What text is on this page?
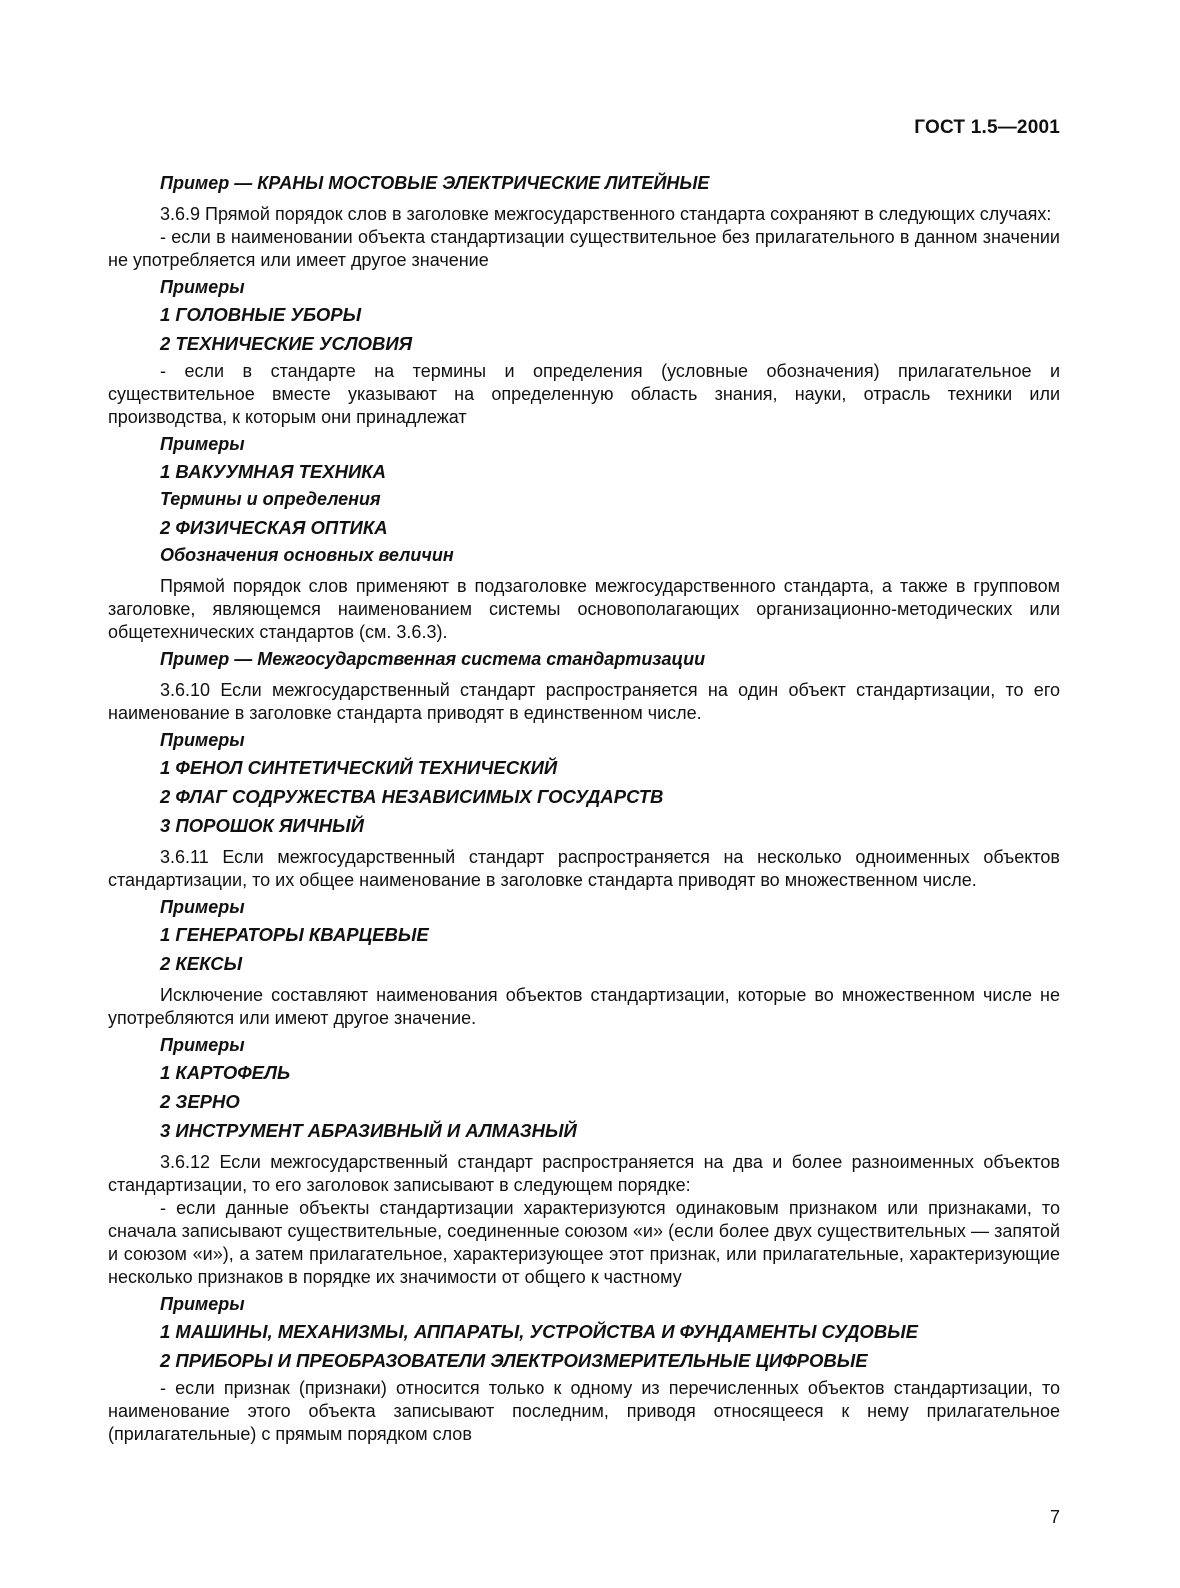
ГОСТ 1.5—2001

Пример — КРАНЫ МОСТОВЫЕ ЭЛЕКТРИЧЕСКИЕ ЛИТЕЙНЫЕ

3.6.9 Прямой порядок слов в заголовке межгосударственного стандарта сохраняют в следующих случаях:

- если в наименовании объекта стандартизации существительное без прилагательного в данном значении не употребляется или имеет другое значение

Примеры

1 ГОЛОВНЫЕ УБОРЫ

2 ТЕХНИЧЕСКИЕ УСЛОВИЯ

- если в стандарте на термины и определения (условные обозначения) прилагательное и существительное вместе указывают на определенную область знания, науки, отрасль техники или производства, к которым они принадлежат

Примеры

1 ВАКУУМНАЯ ТЕХНИКА

Термины и определения

2 ФИЗИЧЕСКАЯ ОПТИКА

Обозначения основных величин

Прямой порядок слов применяют в подзаголовке межгосударственного стандарта, а также в групповом заголовке, являющемся наименованием системы основополагающих организационно-методических или общетехнических стандартов (см. 3.6.3).

Пример — Межгосударственная система стандартизации

3.6.10 Если межгосударственный стандарт распространяется на один объект стандартизации, то его наименование в заголовке стандарта приводят в единственном числе.

Примеры

1 ФЕНОЛ СИНТЕТИЧЕСКИЙ ТЕХНИЧЕСКИЙ

2 ФЛАГ СОДРУЖЕСТВА НЕЗАВИСИМЫХ ГОСУДАРСТВ

3 ПОРОШОК ЯИЧНЫЙ

3.6.11 Если межгосударственный стандарт распространяется на несколько одноименных объектов стандартизации, то их общее наименование в заголовке стандарта приводят во множественном числе.

Примеры

1 ГЕНЕРАТОРЫ КВАРЦЕВЫЕ

2 КЕКСЫ

Исключение составляют наименования объектов стандартизации, которые во множественном числе не употребляются или имеют другое значение.

Примеры

1 КАРТОФЕЛЬ

2 ЗЕРНО

3 ИНСТРУМЕНТ АБРАЗИВНЫЙ И АЛМАЗНЫЙ

3.6.12 Если межгосударственный стандарт распространяется на два и более разноименных объектов стандартизации, то его заголовок записывают в следующем порядке:

- если данные объекты стандартизации характеризуются одинаковым признаком или признаками, то сначала записывают существительные, соединенные союзом «и» (если более двух существительных — запятой и союзом «и»), а затем прилагательное, характеризующее этот признак, или прилагательные, характеризующие несколько признаков в порядке их значимости от общего к частному

Примеры

1 МАШИНЫ, МЕХАНИЗМЫ, АППАРАТЫ, УСТРОЙСТВА И ФУНДАМЕНТЫ СУДОВЫЕ

2 ПРИБОРЫ И ПРЕОБРАЗОВАТЕЛИ ЭЛЕКТРОИЗМЕРИТЕЛЬНЫЕ ЦИФРОВЫЕ

- если признак (признаки) относится только к одному из перечисленных объектов стандартизации, то наименование этого объекта записывают последним, приводя относящееся к нему прилагательное (прилагательные) с прямым порядком слов

7
